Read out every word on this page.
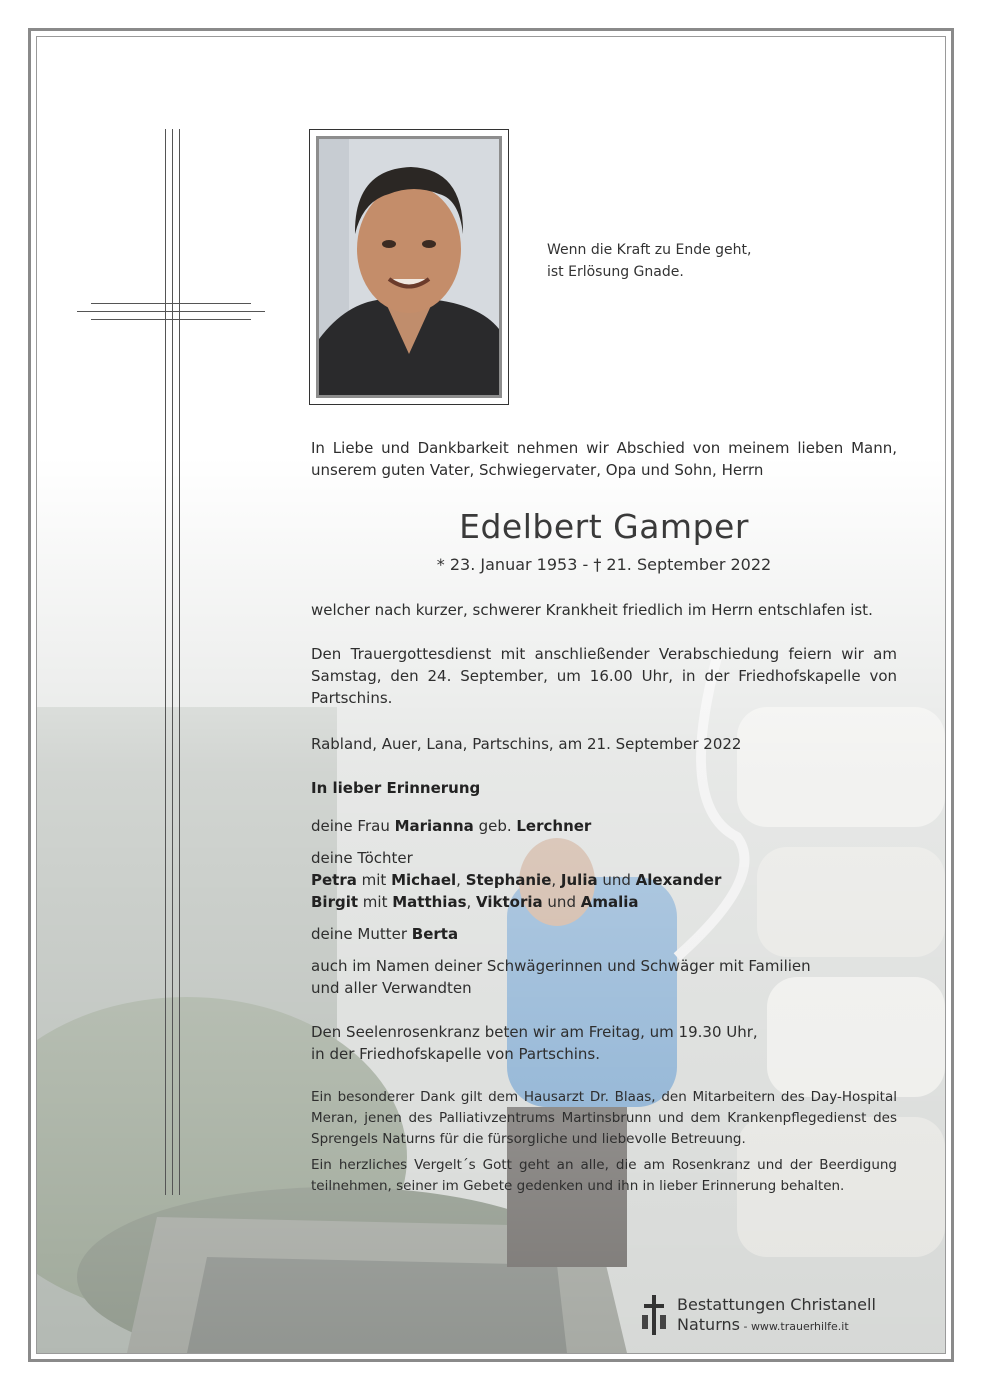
Wenn die Kraft zu Ende geht,
ist Erlösung Gnade.
In Liebe und Dankbarkeit nehmen wir Abschied von meinem lieben Mann,
unserem guten Vater, Schwiegervater, Opa und Sohn, Herrn
Edelbert Gamper
* 23. Januar 1953 - † 21. September 2022
welcher nach kurzer, schwerer Krankheit friedlich im Herrn entschlafen ist.
Den Trauergottesdienst mit anschließender Verabschiedung feiern wir am
Samstag, den 24. September, um 16.00 Uhr, in der Friedhofskapelle von
Partschins.
Rabland, Auer, Lana, Partschins, am 21. September 2022
In lieber Erinnerung
deine Frau Marianna geb. Lerchner
deine Töchter
Petra mit Michael, Stephanie, Julia und Alexander
Birgit mit Matthias, Viktoria und Amalia
deine Mutter Berta
auch im Namen deiner Schwägerinnen und Schwäger mit Familien
und aller Verwandten
Den Seelenrosenkranz beten wir am Freitag, um 19.30 Uhr,
in der Friedhofskapelle von Partschins.
Ein besonderer Dank gilt dem Hausarzt Dr. Blaas, den Mitarbeitern des Day-Hospital
Meran, jenen des Palliativzentrums Martinsbrunn und dem Krankenpflegedienst des
Sprengels Naturns für die fürsorgliche und liebevolle Betreuung.
Ein herzliches Vergelt´s Gott geht an alle, die am Rosenkranz und der Beerdigung
teilnehmen, seiner im Gebete gedenken und ihn in lieber Erinnerung behalten.
Bestattungen Christanell
Naturns - www.trauerhilfe.it
